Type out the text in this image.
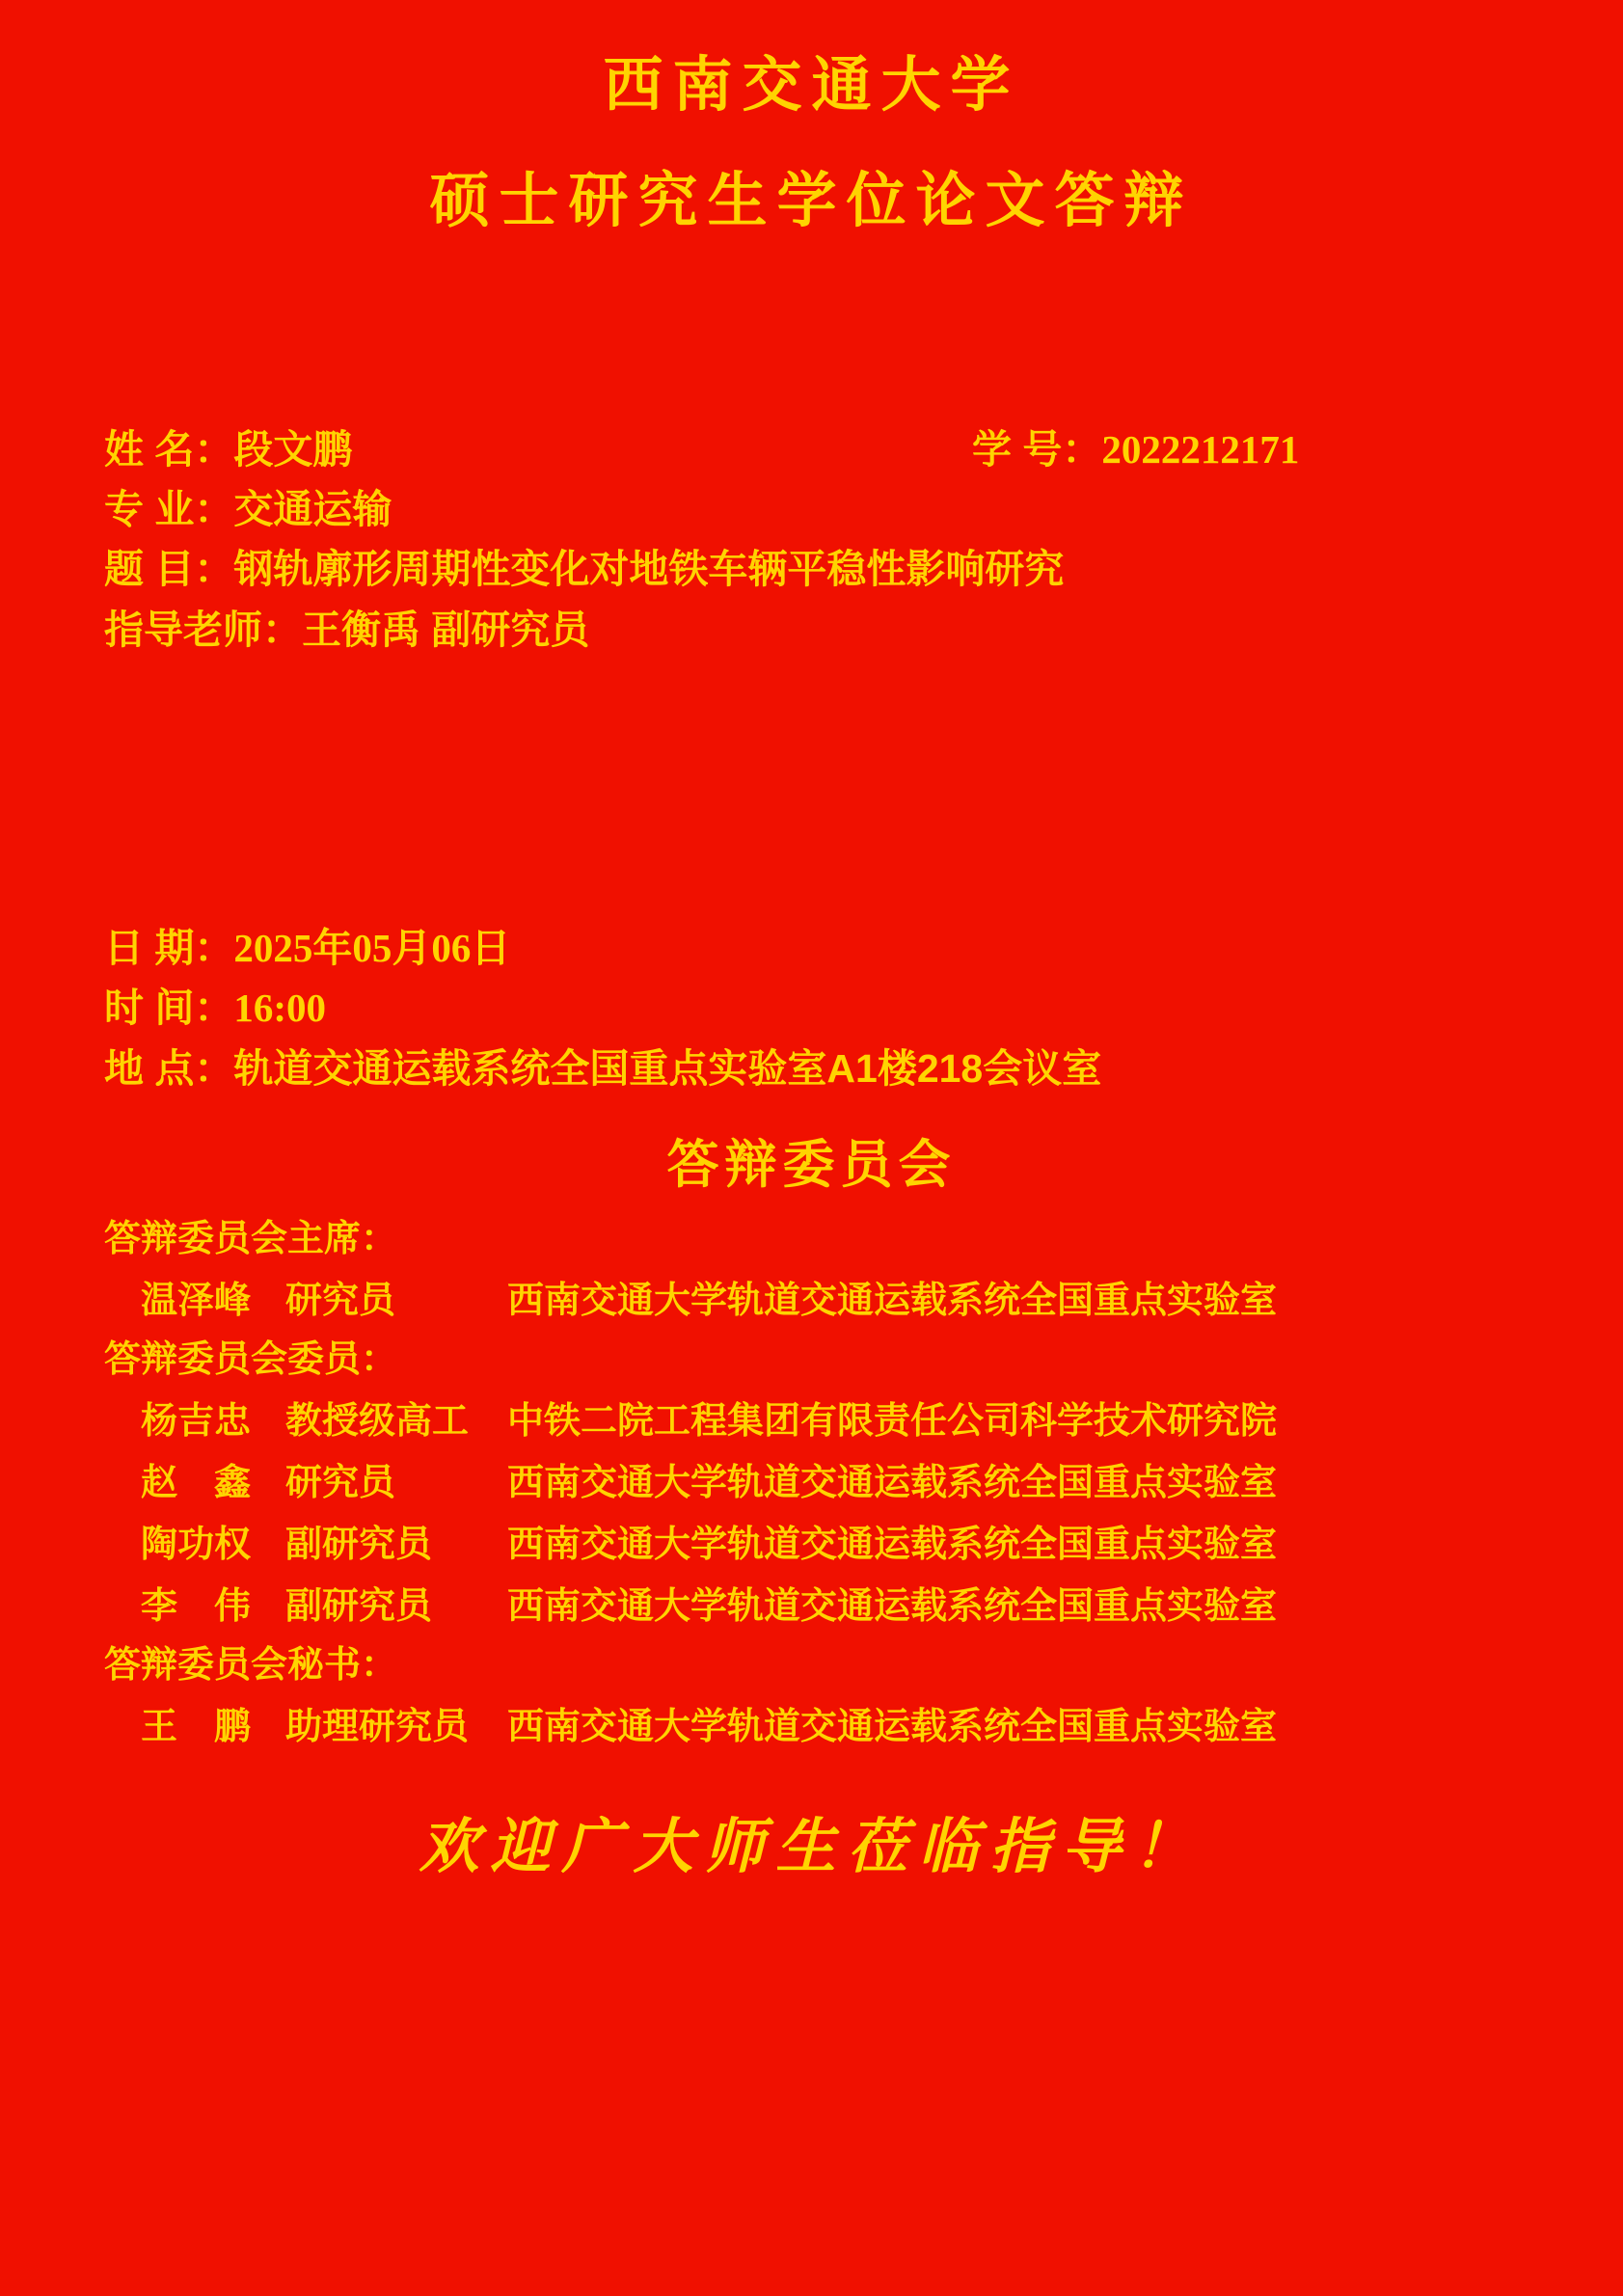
西南交通大学
硕士研究生学位论文答辩
姓 名： 段文鹏	学 号：2022212171
专 业： 交通运输
题 目： 钢轨廓形周期性变化对地铁车辆平稳性影响研究
指导老师： 王衡禹 副研究员
日 期：2025年05月06日
时 间：16:00
地 点：轨道交通运载系统全国重点实验室A1楼218会议室
答辩委员会
答辩委员会主席：
温泽峰 研究员	西南交通大学轨道交通运载系统全国重点实验室
答辩委员会委员：
杨吉忠 教授级高工	中铁二院工程集团有限责任公司科学技术研究院
赵　鑫 研究员	西南交通大学轨道交通运载系统全国重点实验室
陶功权 副研究员	西南交通大学轨道交通运载系统全国重点实验室
李　伟 副研究员	西南交通大学轨道交通运载系统全国重点实验室
答辩委员会秘书：
王　鹏 助理研究员	西南交通大学轨道交通运载系统全国重点实验室
欢迎广大师生莅临指导！
